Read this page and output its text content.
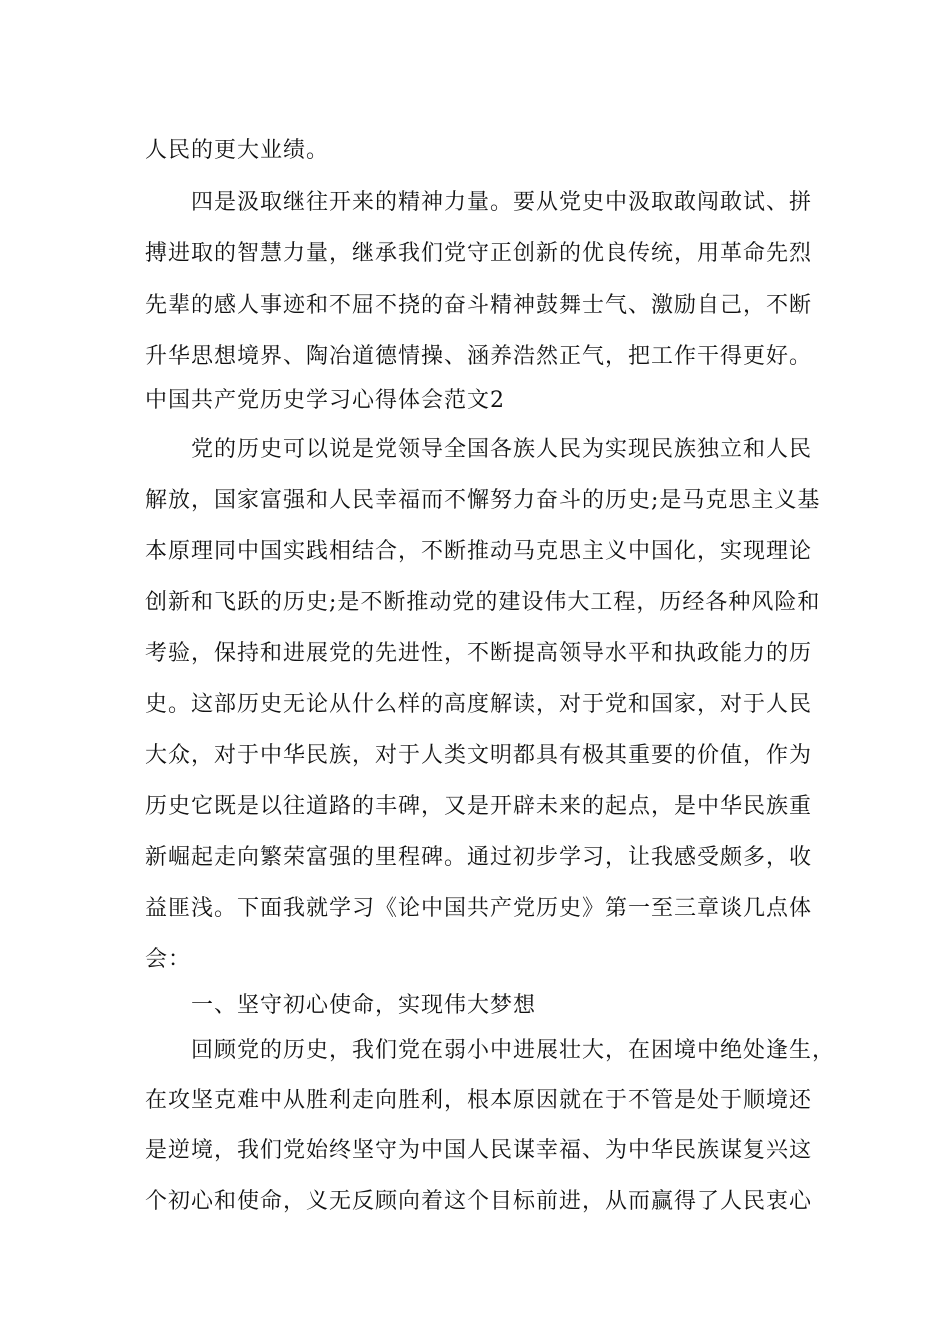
人民的更大业绩。
四是汲取继往开来的精神力量。要从党史中汲取敢闯敢试、拼
搏进取的智慧力量，继承我们党守正创新的优良传统，用革命先烈
先辈的感人事迹和不屈不挠的奋斗精神鼓舞士气、激励自己，不断
升华思想境界、陶冶道德情操、涵养浩然正气，把工作干得更好。
中国共产党历史学习心得体会范文2
党的历史可以说是党领导全国各族人民为实现民族独立和人民
解放，国家富强和人民幸福而不懈努力奋斗的历史;是马克思主义基
本原理同中国实践相结合，不断推动马克思主义中国化，实现理论
创新和飞跃的历史;是不断推动党的建设伟大工程，历经各种风险和
考验，保持和进展党的先进性，不断提高领导水平和执政能力的历
史。这部历史无论从什么样的高度解读，对于党和国家，对于人民
大众，对于中华民族，对于人类文明都具有极其重要的价值，作为
历史它既是以往道路的丰碑，又是开辟未来的起点，是中华民族重
新崛起走向繁荣富强的里程碑。通过初步学习，让我感受颇多，收
益匪浅。下面我就学习《论中国共产党历史》第一至三章谈几点体
会：
一、坚守初心使命，实现伟大梦想
回顾党的历史，我们党在弱小中进展壮大，在困境中绝处逢生，
在攻坚克难中从胜利走向胜利，根本原因就在于不管是处于顺境还
是逆境，我们党始终坚守为中国人民谋幸福、为中华民族谋复兴这
个初心和使命，义无反顾向着这个目标前进，从而赢得了人民衷心
